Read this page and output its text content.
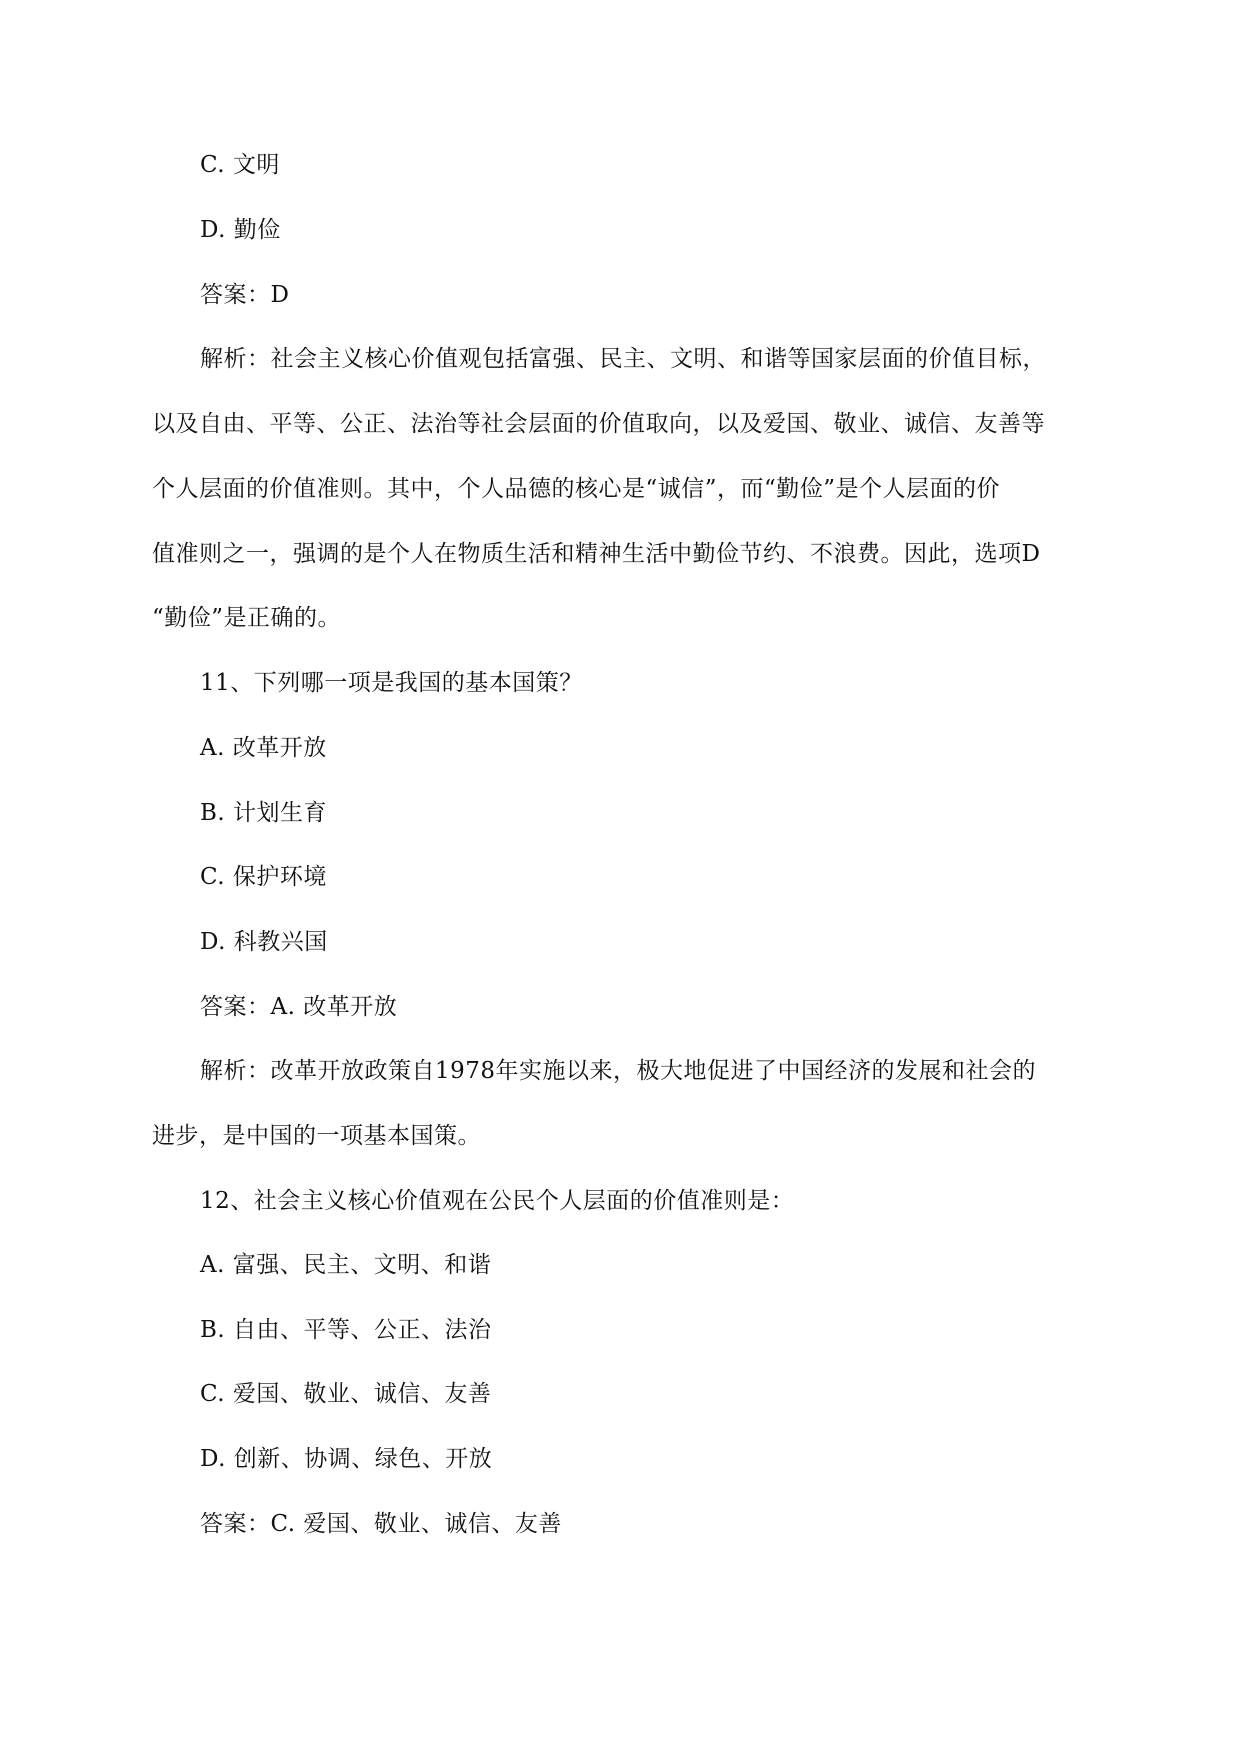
C. 文明
D. 勤俭
答案：D
解析：社会主义核心价值观包括富强、民主、文明、和谐等国家层面的价值目标，
以及自由、平等、公正、法治等社会层面的价值取向，以及爱国、敬业、诚信、友善等
个人层面的价值准则。其中，个人品德的核心是“诚信”，而“勤俭”是个人层面的价
值准则之一，强调的是个人在物质生活和精神生活中勤俭节约、不浪费。因此，选项D
“勤俭”是正确的。
11、下列哪一项是我国的基本国策？
A. 改革开放
B. 计划生育
C. 保护环境
D. 科教兴国
答案：A. 改革开放
解析：改革开放政策自1978年实施以来，极大地促进了中国经济的发展和社会的
进步，是中国的一项基本国策。
12、社会主义核心价值观在公民个人层面的价值准则是：
A. 富强、民主、文明、和谐
B. 自由、平等、公正、法治
C. 爱国、敬业、诚信、友善
D. 创新、协调、绿色、开放
答案：C. 爱国、敬业、诚信、友善
